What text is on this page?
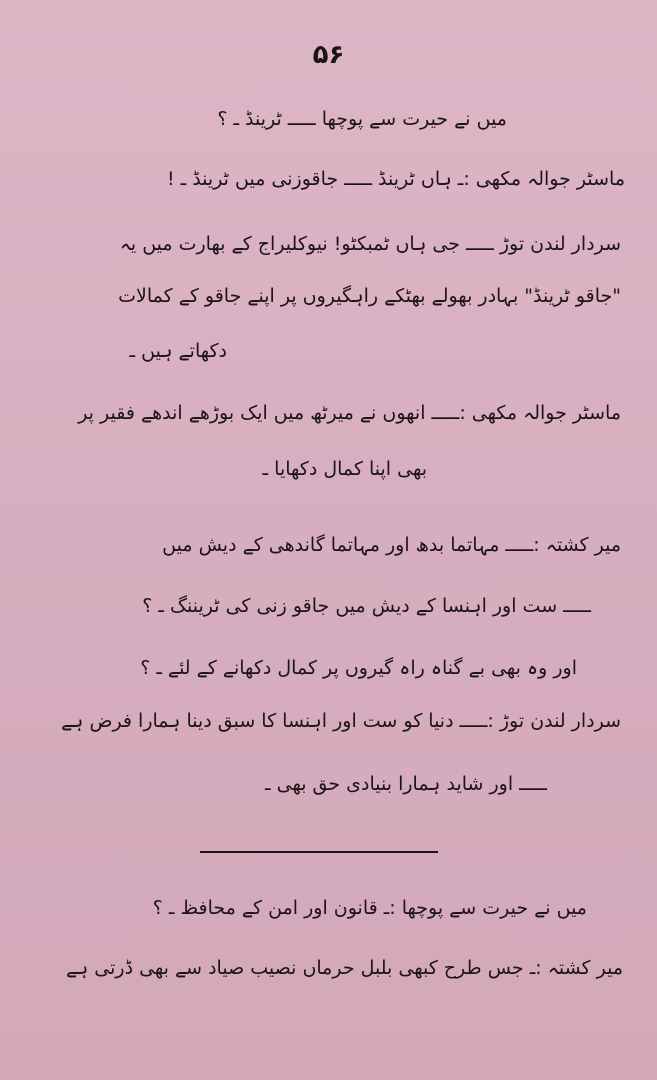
۵۶
میں نے حیرت سے پوچھا ـــــ ٹرینڈ ـ ؟
ماسٹر جوالہ مکھی :ـ ہاں ٹرینڈ ـــــ جاقوزنی میں ٹرینڈ ـ !
سردار لندن توڑ ـــــ جی ہاں ٹمبکٹو! نیوکلیراج کے بھارت میں یہ
"جاقو ٹرینڈ" بہادر بھولے بھٹکے راہگیروں پر اپنے جاقو کے کمالات
دکھاتے ہیں ـ
ماسٹر جوالہ مکھی :ـــــ انھوں نے میرٹھ میں ایک بوڑھے اندھے فقیر پر
بھی اپنا کمال دکھایا ـ
میر کشتہ :ـــــ مہاتما بدھ اور مہاتما گاندھی کے دیش میں
ـــــ ست اور اہنسا کے دیش میں جاقو زنی کی ٹریننگ ـ ؟
اور وہ بھی بے گناہ راہ گیروں پر کمال دکھانے کے لئے ـ ؟
سردار لندن توڑ :ـــــ دنیا کو ست اور اہنسا کا سبق دینا ہمارا فرض ہے
ـــــ اور شاید ہمارا بنیادی حق بھی ـ
میں نے حیرت سے پوچھا :ـ قانون اور امن کے محافظ ـ ؟
میر کشتہ :ـ جس طرح کبھی بلبل حرماں نصیب صیاد سے بھی ڈرتی ہے
